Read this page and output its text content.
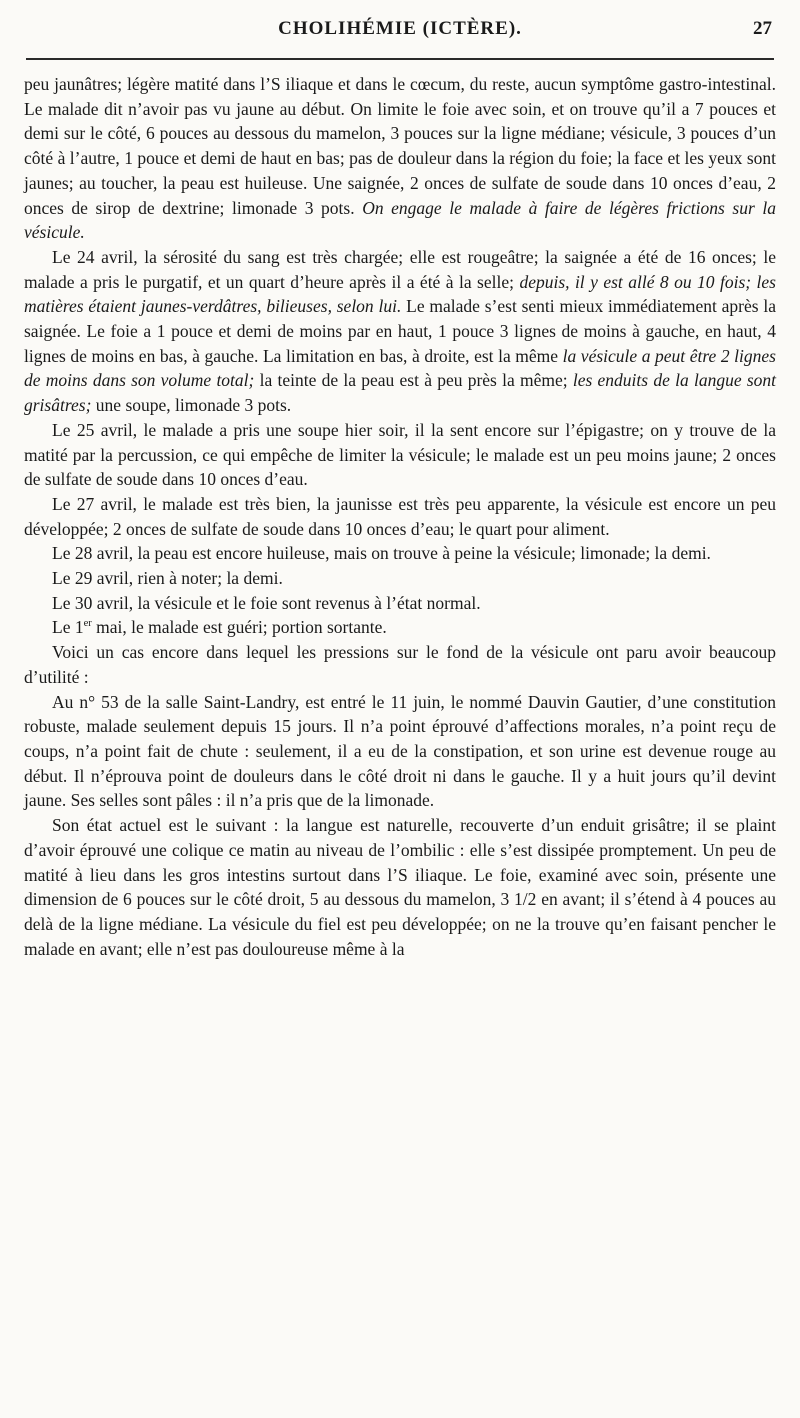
CHOLIHÉMIE (ICTÈRE).	27

peu jaunâtres; légère matité dans l’S iliaque et dans le cœcum, du reste, aucun symptôme gastro-intestinal. Le malade dit n’avoir pas vu jaune au début. On limite le foie avec soin, et on trouve qu’il a 7 pouces et demi sur le côté, 6 pouces au dessous du mamelon, 3 pouces sur la ligne médiane; vésicule, 3 pouces d’un côté à l’autre, 1 pouce et demi de haut en bas; pas de douleur dans la région du foie; la face et les yeux sont jaunes; au toucher, la peau est huileuse. Une saignée, 2 onces de sulfate de soude dans 10 onces d’eau, 2 onces de sirop de dextrine; limonade 3 pots. On engage le malade à faire de légères frictions sur la vésicule.

Le 24 avril, la sérosité du sang est très chargée; elle est rougeâtre; la saignée a été de 16 onces; le malade a pris le purgatif, et un quart d’heure après il a été à la selle; depuis, il y est allé 8 ou 10 fois; les matières étaient jaunes-verdâtres, bilieuses, selon lui. Le malade s’est senti mieux immédiatement après la saignée. Le foie a 1 pouce et demi de moins par en haut, 1 pouce 3 lignes de moins à gauche, en haut, 4 lignes de moins en bas, à gauche. La limitation en bas, à droite, est la même la vésicule a peut être 2 lignes de moins dans son volume total; la teinte de la peau est à peu près la même; les enduits de la langue sont grisâtres; une soupe, limonade 3 pots.

Le 25 avril, le malade a pris une soupe hier soir, il la sent encore sur l’épigastre; on y trouve de la matité par la percussion, ce qui empêche de limiter la vésicule; le malade est un peu moins jaune; 2 onces de sulfate de soude dans 10 onces d’eau.

Le 27 avril, le malade est très bien, la jaunisse est très peu apparente, la vésicule est encore un peu développée; 2 onces de sulfate de soude dans 10 onces d’eau; le quart pour aliment.

Le 28 avril, la peau est encore huileuse, mais on trouve à peine la vésicule; limonade; la demi.

Le 29 avril, rien à noter; la demi.

Le 30 avril, la vésicule et le foie sont revenus à l’état normal.

Le 1er mai, le malade est guéri; portion sortante.

Voici un cas encore dans lequel les pressions sur le fond de la vésicule ont paru avoir beaucoup d’utilité :

Au n° 53 de la salle Saint-Landry, est entré le 11 juin, le nommé Dauvin Gautier, d’une constitution robuste, malade seulement depuis 15 jours. Il n’a point éprouvé d’affections morales, n’a point reçu de coups, n’a point fait de chute : seulement, il a eu de la constipation, et son urine est devenue rouge au début. Il n’éprouva point de douleurs dans le côté droit ni dans le gauche. Il y a huit jours qu’il devint jaune. Ses selles sont pâles : il n’a pris que de la limonade.

Son état actuel est le suivant : la langue est naturelle, recouverte d’un enduit grisâtre; il se plaint d’avoir éprouvé une colique ce matin au niveau de l’ombilic : elle s’est dissipée promptement. Un peu de matité à lieu dans les gros intestins surtout dans l’S iliaque. Le foie, examiné avec soin, présente une dimension de 6 pouces sur le côté droit, 5 au dessous du mamelon, 3 1/2 en avant; il s’étend à 4 pouces au delà de la ligne médiane. La vésicule du fiel est peu développée; on ne la trouve qu’en faisant pencher le malade en avant; elle n’est pas douloureuse même à la
